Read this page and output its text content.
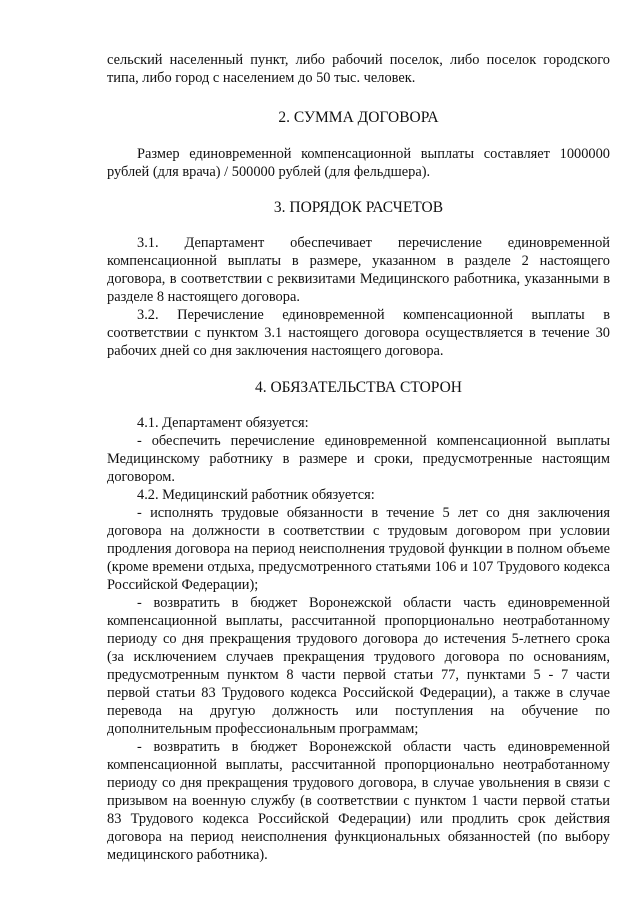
сельский населенный пункт, либо рабочий поселок, либо поселок городского типа, либо город с населением до 50 тыс. человек.

2. СУММА ДОГОВОРА

Размер единовременной компенсационной выплаты составляет 1000000 рублей (для врача) / 500000 рублей (для фельдшера).

3. ПОРЯДОК РАСЧЕТОВ

3.1. Департамент обеспечивает перечисление единовременной компенсационной выплаты в размере, указанном в разделе 2 настоящего договора, в соответствии с реквизитами Медицинского работника, указанными в разделе 8 настоящего договора.

3.2. Перечисление единовременной компенсационной выплаты в соответствии с пунктом 3.1 настоящего договора осуществляется в течение 30 рабочих дней со дня заключения настоящего договора.

4. ОБЯЗАТЕЛЬСТВА СТОРОН

4.1. Департамент обязуется:

- обеспечить перечисление единовременной компенсационной выплаты Медицинскому работнику в размере и сроки, предусмотренные настоящим договором.

4.2. Медицинский работник обязуется:

- исполнять трудовые обязанности в течение 5 лет со дня заключения договора на должности в соответствии с трудовым договором при условии продления договора на период неисполнения трудовой функции в полном объеме (кроме времени отдыха, предусмотренного статьями 106 и 107 Трудового кодекса Российской Федерации);

- возвратить в бюджет Воронежской области часть единовременной компенсационной выплаты, рассчитанной пропорционально неотработанному периоду со дня прекращения трудового договора до истечения 5-летнего срока (за исключением случаев прекращения трудового договора по основаниям, предусмотренным пунктом 8 части первой статьи 77, пунктами 5 - 7 части первой статьи 83 Трудового кодекса Российской Федерации), а также в случае перевода на другую должность или поступления на обучение по дополнительным профессиональным программам;

- возвратить в бюджет Воронежской области часть единовременной компенсационной выплаты, рассчитанной пропорционально неотработанному периоду со дня прекращения трудового договора, в случае увольнения в связи с призывом на военную службу (в соответствии с пунктом 1 части первой статьи 83 Трудового кодекса Российской Федерации) или продлить срок действия договора на период неисполнения функциональных обязанностей (по выбору медицинского работника).
